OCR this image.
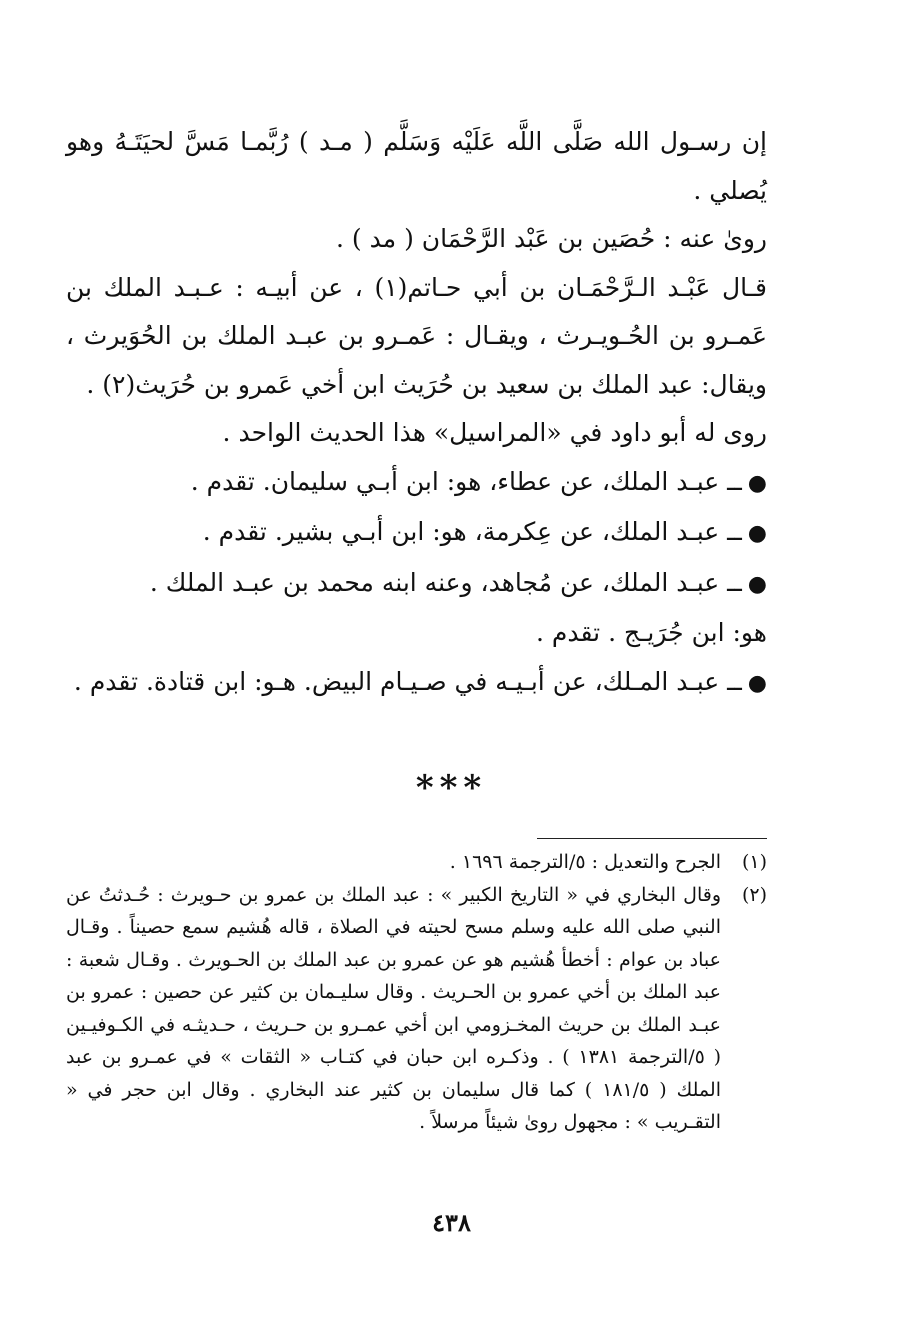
إن رسـول الله صَلَّى اللَّه عَلَيْه وَسَلَّم ( مـد ) رُبَّمـا مَسَّ لحيَتَـهُ وهو يُصلي .

روىٰ عنه : حُصَين بن عَبْد الرَّحْمَان ( مد ) .

قـال عَبْـد الـرَّحْمَـان بن أبي حـاتم(١) ، عن أبيـه : عـبـد الملك بن عَمـرو بن الحُـويـرث ، ويقـال : عَمـرو بن عبـد الملك بن الحُوَيرث ، ويقال: عبد الملك بن سعيد بن حُرَيث ابن أخي عَمرو بن حُرَيث(٢) .

روى له أبو داود في «المراسيل» هذا الحديث الواحد .

●ــ عبـد الملك، عن عطاء، هو: ابن أبـي سليمان. تقدم .

●ــ عبـد الملك، عن عِكرمة، هو: ابن أبـي بشير. تقدم .

●ــ عبـد الملك، عن مُجاهد، وعنه ابنه محمد بن عبـد الملك .

هو: ابن جُرَيـج . تقدم .

●ــ عبـد المـلك، عن أبـيـه في صـيـام البيض. هـو: ابن قتادة. تقدم .

***
(١)
الجرح والتعديل : ٥/الترجمة ١٦٩٦ .
(٢)
وقال البخاري في « التاريخ الكبير » : عبد الملك بن عمرو بن حـويرث : حُـدثتُ عن النبي صلى الله عليه وسلم مسح لحيته في الصلاة ، قاله هُشيم سمع حصيناً . وقـال عباد بن عوام : أخطأ هُشيم هو عن عمرو بن عبد الملك بن الحـويرث . وقـال شعبة : عبد الملك بن أخي عمرو بن الحـريث . وقال سليـمان بن كثير عن حصين : عمرو بن عبـد الملك بن حريث المخـزومي ابن أخي عمـرو بن حـريث ، حـديثـه في الكـوفيـين ( ٥/الترجمة ١٣٨١ ) . وذكـره ابن حبان في كتـاب « الثقات » في عمـرو بن عبد الملك ( ١٨١/٥ ) كما قال سليمان بن كثير عند البخاري . وقال ابن حجر في « التقـريب » : مجهول روىٰ شيئاً مرسلاً .
٤٣٨
